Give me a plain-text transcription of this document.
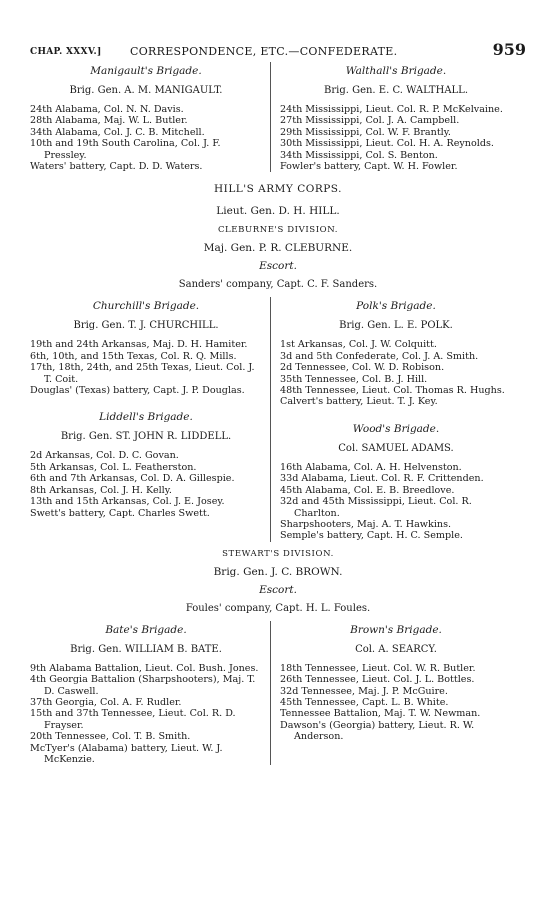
CHAP. XXXV.]	CORRESPONDENCE, ETC.—CONFEDERATE.	959
Manigault's Brigade.
Brig. Gen. A. M. MANIGAULT.
24th Alabama, Col. N. N. Davis.
28th Alabama, Maj. W. L. Butler.
34th Alabama, Col. J. C. B. Mitchell.
10th and 19th South Carolina, Col. J. F. Pressley.
Waters' battery, Capt. D. D. Waters.
Walthall's Brigade.
Brig. Gen. E. C. WALTHALL.
24th Mississippi, Lieut. Col. R. P. McKelvaine.
27th Mississippi, Col. J. A. Campbell.
29th Mississippi, Col. W. F. Brantly.
30th Mississippi, Lieut. Col. H. A. Reynolds.
34th Mississippi, Col. S. Benton.
Fowler's battery, Capt. W. H. Fowler.
HILL'S ARMY CORPS.
Lieut. Gen. D. H. HILL.
CLEBURNE'S DIVISION.
Maj. Gen. P. R. CLEBURNE.
Escort.
Sanders' company, Capt. C. F. Sanders.
Churchill's Brigade.
Brig. Gen. T. J. CHURCHILL.
19th and 24th Arkansas, Maj. D. H. Hamiter.
6th, 10th, and 15th Texas, Col. R. Q. Mills.
17th, 18th, 24th, and 25th Texas, Lieut. Col. J. T. Coit.
Douglas' (Texas) battery, Capt. J. P. Douglas.
Liddell's Brigade.
Brig. Gen. ST. JOHN R. LIDDELL.
2d Arkansas, Col. D. C. Govan.
5th Arkansas, Col. L. Featherston.
6th and 7th Arkansas, Col. D. A. Gillespie.
8th Arkansas, Col. J. H. Kelly.
13th and 15th Arkansas, Col. J. E. Josey.
Swett's battery, Capt. Charles Swett.
Polk's Brigade.
Brig. Gen. L. E. POLK.
1st Arkansas, Col. J. W. Colquitt.
3d and 5th Confederate, Col. J. A. Smith.
2d Tennessee, Col. W. D. Robison.
35th Tennessee, Col. B. J. Hill.
48th Tennessee, Lieut. Col. Thomas R. Hughs.
Calvert's battery, Lieut. T. J. Key.
Wood's Brigade.
Col. SAMUEL ADAMS.
16th Alabama, Col. A. H. Helvenston.
33d Alabama, Lieut. Col. R. F. Crittenden.
45th Alabama, Col. E. B. Breedlove.
32d and 45th Mississippi, Lieut. Col. R. Charlton.
Sharpshooters, Maj. A. T. Hawkins.
Semple's battery, Capt. H. C. Semple.
STEWART'S DIVISION.
Brig. Gen. J. C. BROWN.
Escort.
Foules' company, Capt. H. L. Foules.
Bate's Brigade.
Brig. Gen. WILLIAM B. BATE.
9th Alabama Battalion, Lieut. Col. Bush. Jones.
4th Georgia Battalion (Sharpshooters), Maj. T. D. Caswell.
37th Georgia, Col. A. F. Rudler.
15th and 37th Tennessee, Lieut. Col. R. D. Frayser.
20th Tennessee, Col. T. B. Smith.
McTyer's (Alabama) battery, Lieut. W. J. McKenzie.
Brown's Brigade.
Col. A. SEARCY.
18th Tennessee, Lieut. Col. W. R. Butler.
26th Tennessee, Lieut. Col. J. L. Bottles.
32d Tennessee, Maj. J. P. McGuire.
45th Tennessee, Capt. L. B. White.
Tennessee Battalion, Maj. T. W. Newman.
Dawson's (Georgia) battery, Lieut. R. W. Anderson.
